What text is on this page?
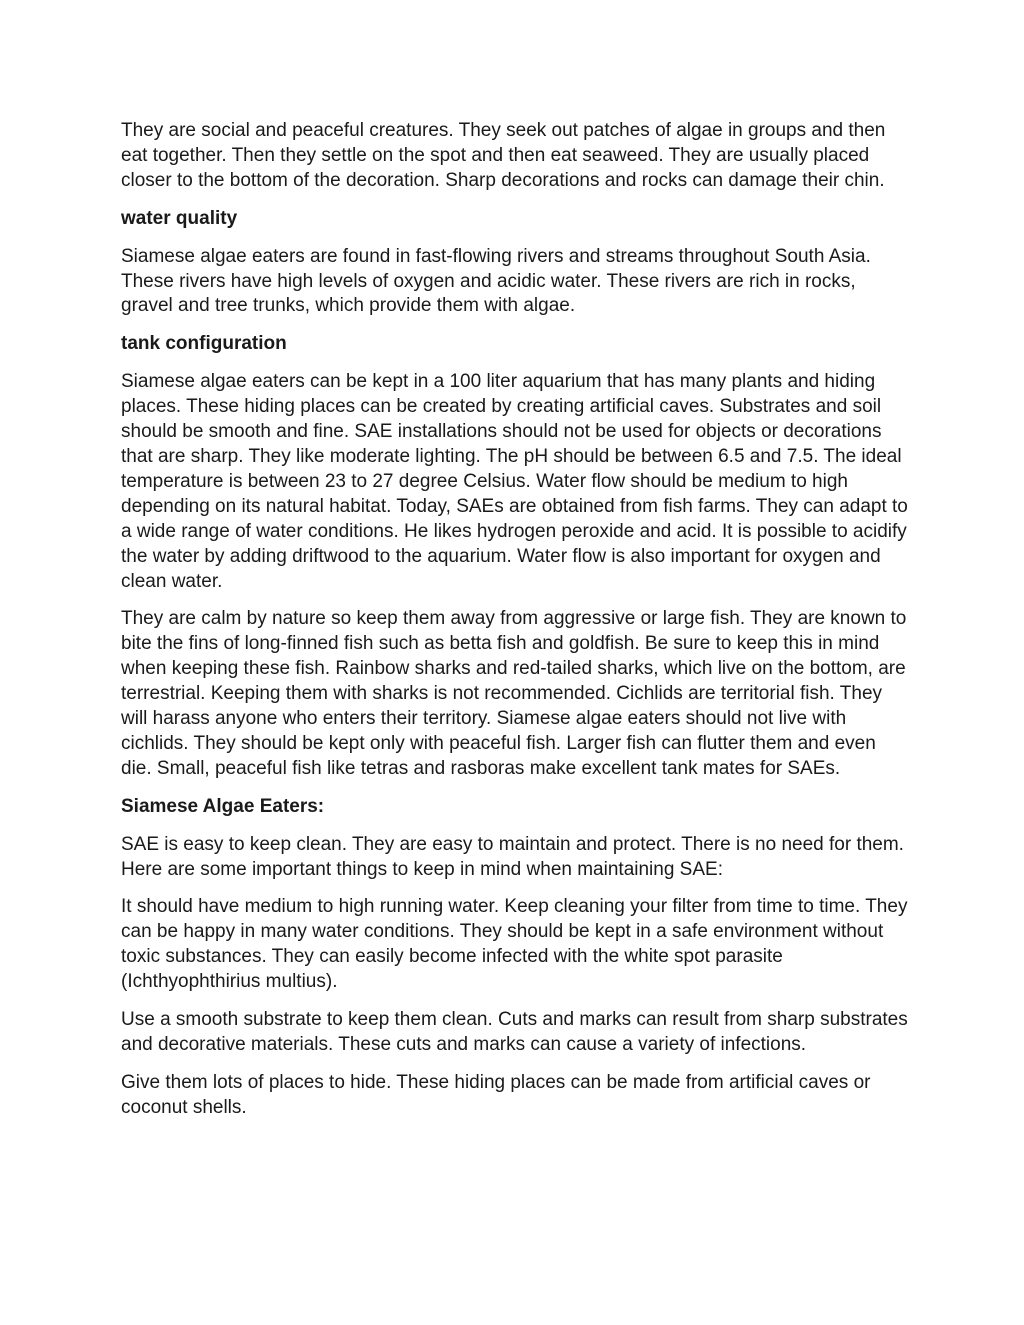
They are social and peaceful creatures. They seek out patches of algae in groups and then eat together. Then they settle on the spot and then eat seaweed. They are usually placed closer to the bottom of the decoration. Sharp decorations and rocks can damage their chin.

water quality

Siamese algae eaters are found in fast-flowing rivers and streams throughout South Asia. These rivers have high levels of oxygen and acidic water. These rivers are rich in rocks, gravel and tree trunks, which provide them with algae.

tank configuration

Siamese algae eaters can be kept in a 100 liter aquarium that has many plants and hiding places. These hiding places can be created by creating artificial caves. Substrates and soil should be smooth and fine. SAE installations should not be used for objects or decorations that are sharp. They like moderate lighting. The pH should be between 6.5 and 7.5. The ideal temperature is between 23 to 27 degree Celsius. Water flow should be medium to high depending on its natural habitat. Today, SAEs are obtained from fish farms. They can adapt to a wide range of water conditions. He likes hydrogen peroxide and acid. It is possible to acidify the water by adding driftwood to the aquarium. Water flow is also important for oxygen and clean water.

They are calm by nature so keep them away from aggressive or large fish. They are known to bite the fins of long-finned fish such as betta fish and goldfish. Be sure to keep this in mind when keeping these fish. Rainbow sharks and red-tailed sharks, which live on the bottom, are terrestrial. Keeping them with sharks is not recommended. Cichlids are territorial fish. They will harass anyone who enters their territory. Siamese algae eaters should not live with cichlids. They should be kept only with peaceful fish. Larger fish can flutter them and even die. Small, peaceful fish like tetras and rasboras make excellent tank mates for SAEs.

Siamese Algae Eaters:

SAE is easy to keep clean. They are easy to maintain and protect. There is no need for them. Here are some important things to keep in mind when maintaining SAE:

It should have medium to high running water. Keep cleaning your filter from time to time. They can be happy in many water conditions. They should be kept in a safe environment without toxic substances. They can easily become infected with the white spot parasite (Ichthyophthirius multius).

Use a smooth substrate to keep them clean. Cuts and marks can result from sharp substrates and decorative materials. These cuts and marks can cause a variety of infections.

Give them lots of places to hide. These hiding places can be made from artificial caves or coconut shells.
